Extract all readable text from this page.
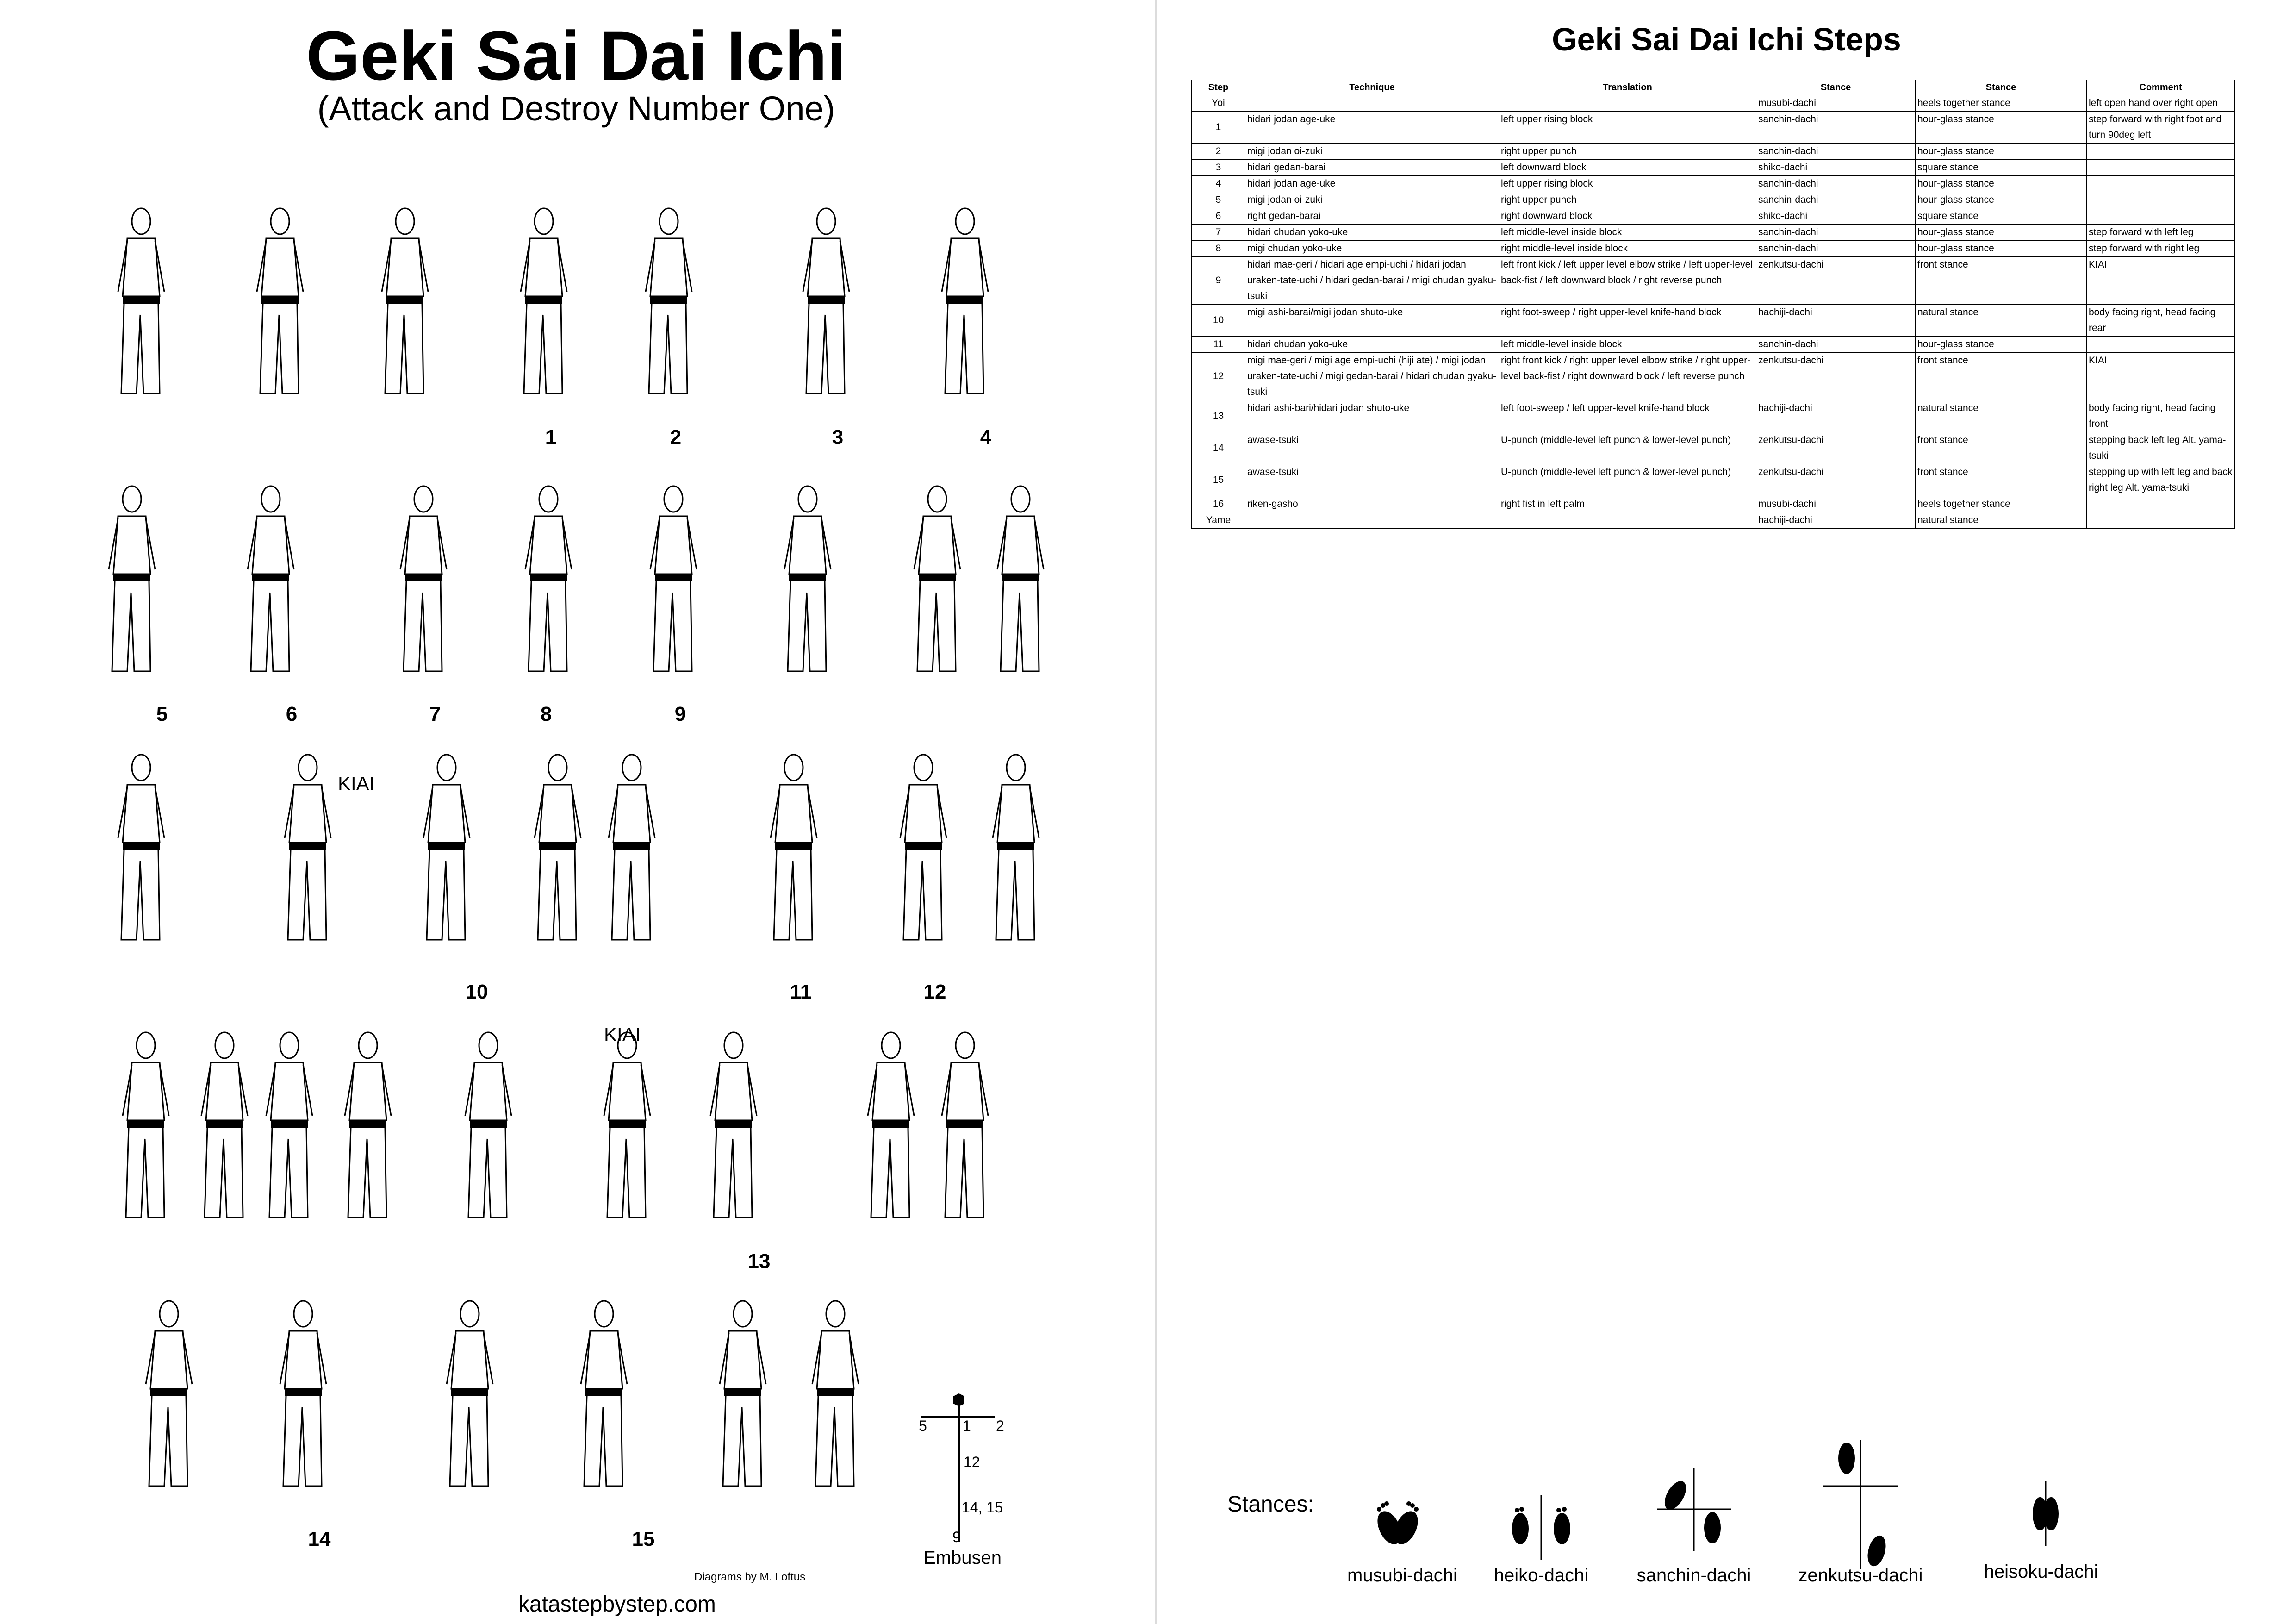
Geki Sai Dai Ichi
(Attack and Destroy Number One)
1	2	3	4
5	6	7	8	9
10	11	12
13
14	15
KIAI
KIAI
5 1 2
12
14, 15
9
Embusen
Diagrams by M. Loftus
katastepbystep.com
Geki Sai Dai Ichi Steps
Step	Technique	Translation	Stance	Stance	Comment
Yoi			musubi-dachi	heels together stance	left open hand over right open
1	hidari jodan age-uke	left upper rising block	sanchin-dachi	hour-glass stance	step forward with right foot and turn 90deg left
2	migi jodan oi-zuki	right upper punch	sanchin-dachi	hour-glass stance	
3	hidari gedan-barai	left downward block	shiko-dachi	square stance	
4	hidari jodan age-uke	left upper rising block	sanchin-dachi	hour-glass stance	
5	migi jodan oi-zuki	right upper punch	sanchin-dachi	hour-glass stance	
6	right gedan-barai	right downward block	shiko-dachi	square stance	
7	hidari chudan yoko-uke	left middle-level inside block	sanchin-dachi	hour-glass stance	step forward with left leg
8	migi chudan yoko-uke	right middle-level inside block	sanchin-dachi	hour-glass stance	step forward with right leg
9	hidari mae-geri / hidari age empi-uchi / hidari jodan uraken-tate-uchi / hidari gedan-barai / migi chudan gyaku-tsuki	left front kick / left upper level elbow strike / left upper-level back-fist / left downward block / right reverse punch	zenkutsu-dachi	front stance	KIAI
10	migi ashi-barai/migi jodan shuto-uke	right foot-sweep / right upper-level knife-hand block	hachiji-dachi	natural stance	body facing right, head facing rear
11	hidari chudan yoko-uke	left middle-level inside block	sanchin-dachi	hour-glass stance	
12	migi mae-geri / migi age empi-uchi (hiji ate) / migi jodan uraken-tate-uchi / migi gedan-barai / hidari chudan gyaku-tsuki	right front kick / right upper level elbow strike / right upper-level back-fist / right downward block / left reverse punch	zenkutsu-dachi	front stance	KIAI
13	hidari ashi-bari/hidari jodan shuto-uke	left foot-sweep / left upper-level knife-hand block	hachiji-dachi	natural stance	body facing right, head facing front
14	awase-tsuki	U-punch (middle-level left punch & lower-level punch)	zenkutsu-dachi	front stance	stepping back left leg Alt. yama-tsuki
15	awase-tsuki	U-punch (middle-level left punch & lower-level punch)	zenkutsu-dachi	front stance	stepping up with left leg and back right leg Alt. yama-tsuki
16	riken-gasho	right fist in left palm	musubi-dachi	heels together stance	
Yame			hachiji-dachi	natural stance	
Stances:
musubi-dachi	heiko-dachi	sanchin-dachi	zenkutsu-dachi	heisoku-dachi
